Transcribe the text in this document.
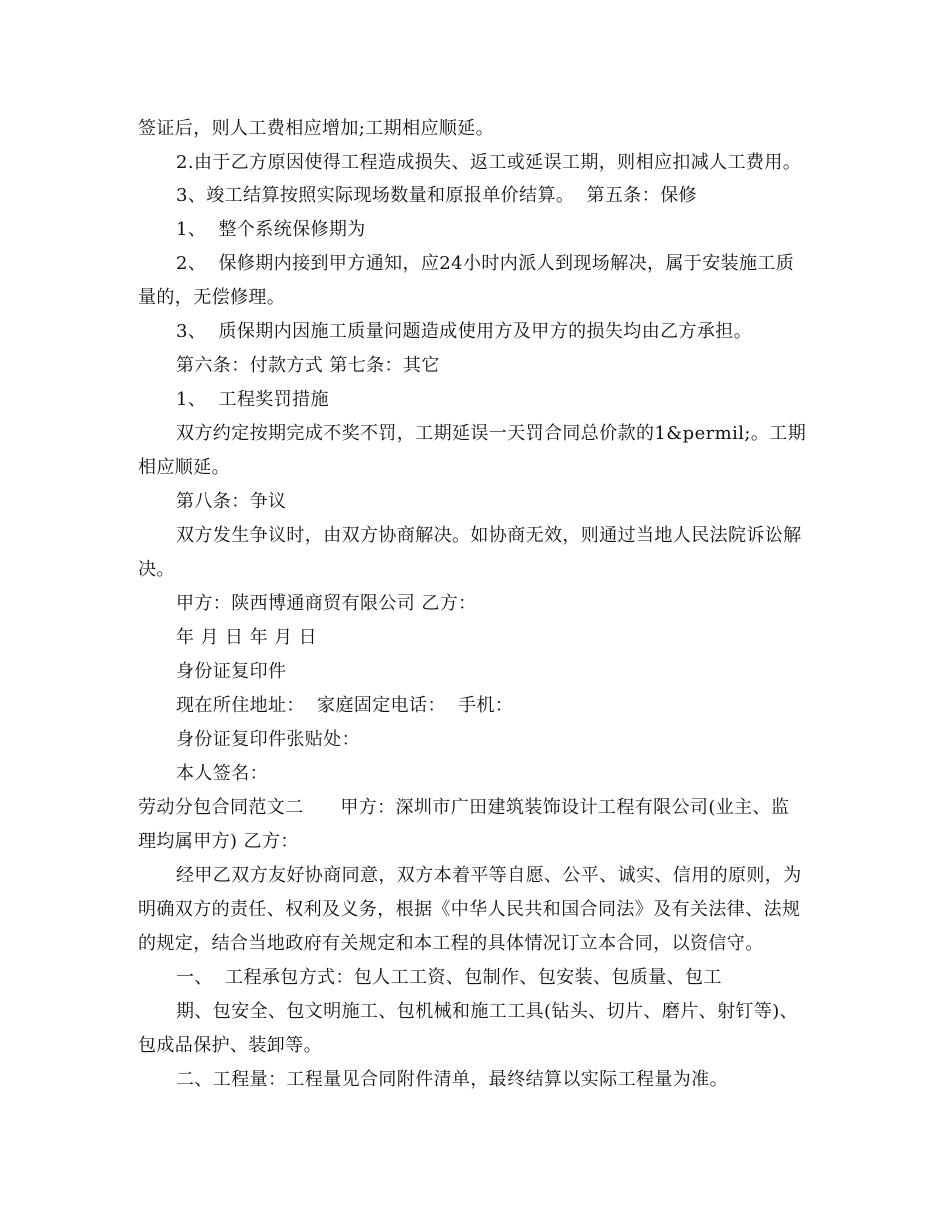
签证后，则人工费相应增加;工期相应顺延。
2.由于乙方原因使得工程造成损失、返工或延误工期，则相应扣减人工费用。
3、竣工结算按照实际现场数量和原报单价结算。  第五条：保修
1、  整个系统保修期为
2、  保修期内接到甲方通知，应24小时内派人到现场解决，属于安装施工质
量的，无偿修理。
3、  质保期内因施工质量问题造成使用方及甲方的损失均由乙方承担。
第六条：付款方式 第七条：其它
1、  工程奖罚措施
双方约定按期完成不奖不罚，工期延误一天罚合同总价款的1&permil;。工期
相应顺延。
第八条：争议
双方发生争议时，由双方协商解决。如协商无效，则通过当地人民法院诉讼解
决。
甲方：陕西博通商贸有限公司 乙方：
年 月 日 年 月 日
身份证复印件
现在所住地址：  家庭固定电话：  手机：
身份证复印件张贴处：
本人签名：
劳动分包合同范文二      甲方：深圳市广田建筑装饰设计工程有限公司(业主、监
理均属甲方) 乙方：
经甲乙双方友好协商同意，双方本着平等自愿、公平、诚实、信用的原则，为
明确双方的责任、权利及义务，根据《中华人民共和国合同法》及有关法律、法规
的规定，结合当地政府有关规定和本工程的具体情况订立本合同，以资信守。
一、  工程承包方式：包人工工资、包制作、包安装、包质量、包工
期、包安全、包文明施工、包机械和施工工具(钻头、切片、磨片、射钉等)、
包成品保护、装卸等。
二、工程量：工程量见合同附件清单，最终结算以实际工程量为准。
